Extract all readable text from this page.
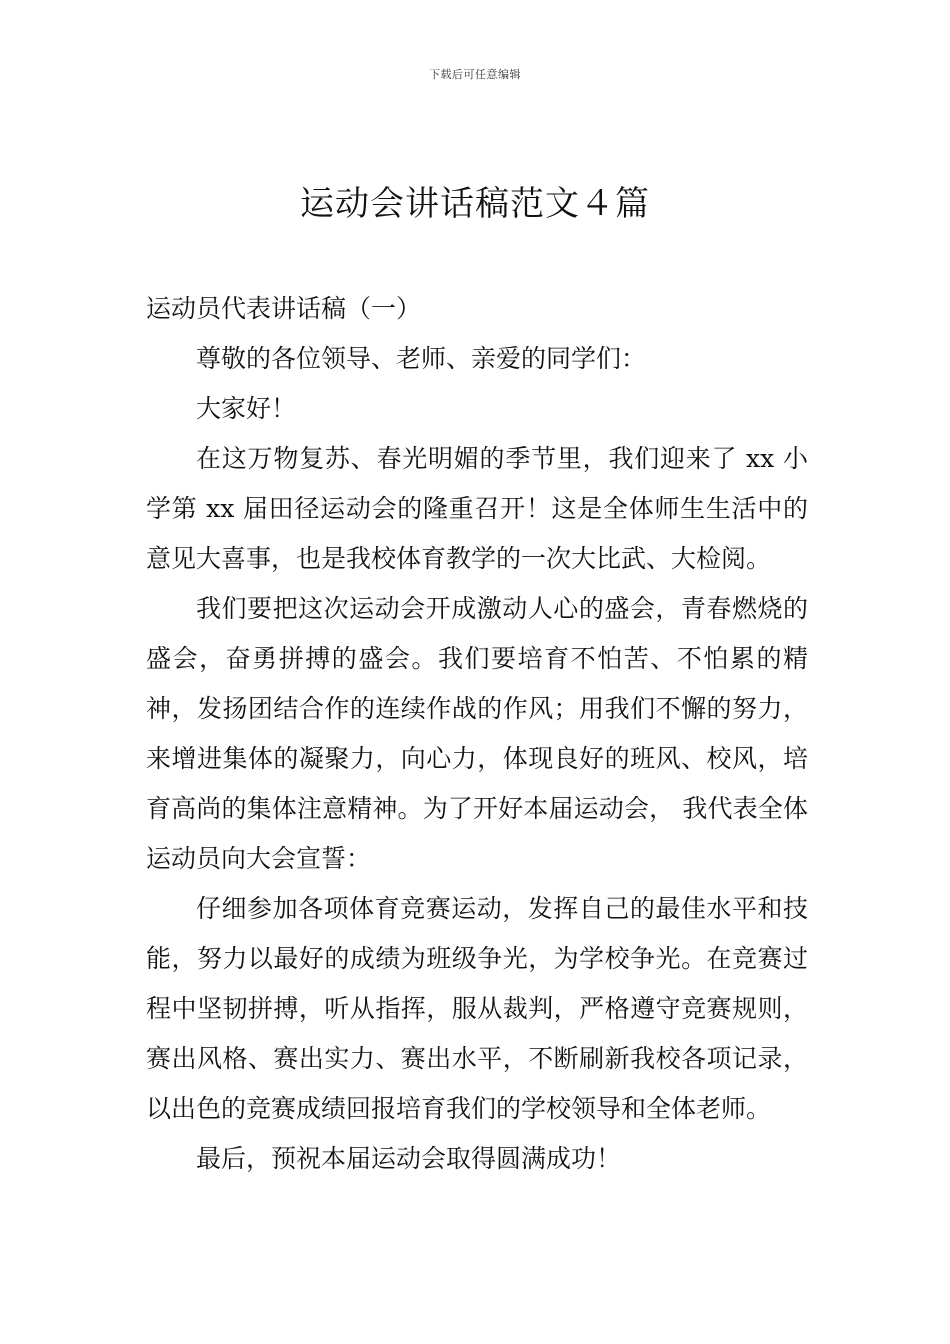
下载后可任意编辑
运动会讲话稿范文４篇

运动员代表讲话稿（一）

尊敬的各位领导、老师、亲爱的同学们：

大家好！

在这万物复苏、春光明媚的季节里，我们迎来了 xx 小学第 xx 届田径运动会的隆重召开！这是全体师生生活中的意见大喜事，也是我校体育教学的一次大比武、大检阅。

我们要把这次运动会开成激动人心的盛会，青春燃烧的盛会，奋勇拼搏的盛会。我们要培育不怕苦、不怕累的精神，发扬团结合作的连续作战的作风；用我们不懈的努力，来增进集体的凝聚力，向心力，体现良好的班风、校风，培育高尚的集体注意精神。为了开好本届运动会， 我代表全体运动员向大会宣誓：

仔细参加各项体育竞赛运动，发挥自己的最佳水平和技能，努力以最好的成绩为班级争光，为学校争光。在竞赛过程中坚韧拼搏，听从指挥，服从裁判，严格遵守竞赛规则，赛出风格、赛出实力、赛出水平，不断刷新我校各项记录，以出色的竞赛成绩回报培育我们的学校领导和全体老师。

最后，预祝本届运动会取得圆满成功！
